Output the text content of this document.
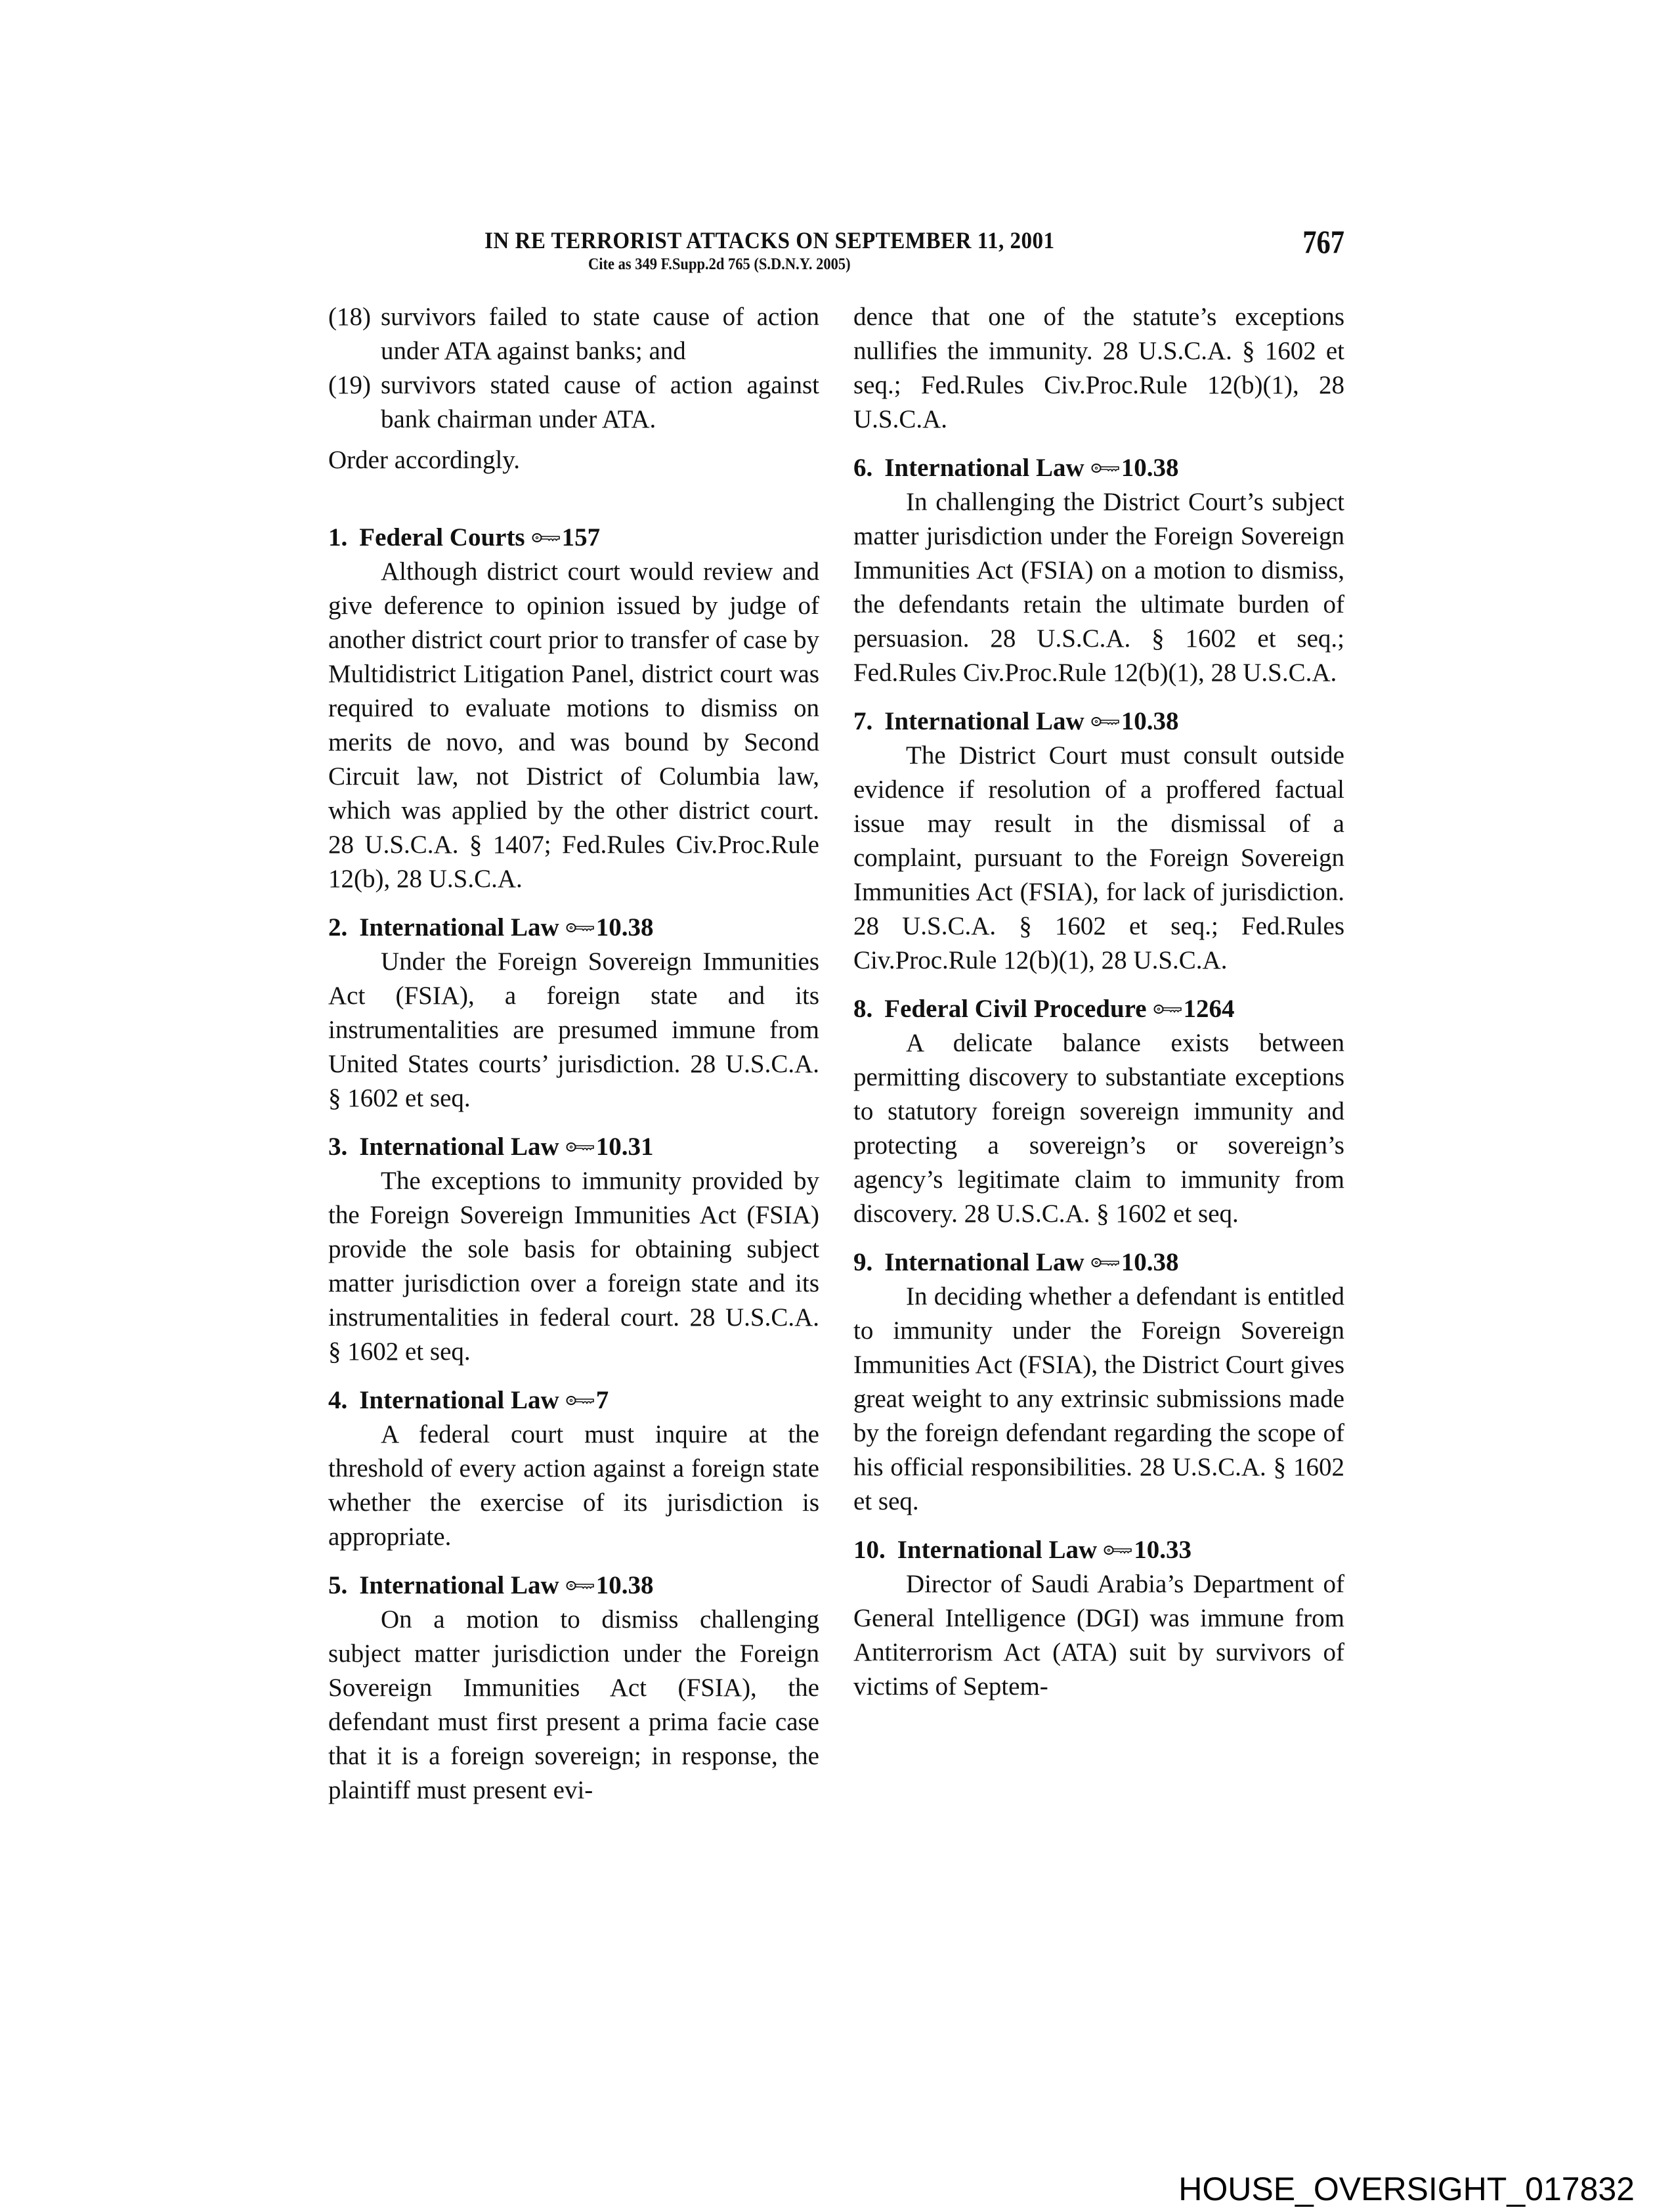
IN RE TERRORIST ATTACKS ON SEPTEMBER 11, 2001	767
Cite as 349 F.Supp.2d 765 (S.D.N.Y. 2005)
(18) survivors failed to state cause of action under ATA against banks; and
(19) survivors stated cause of action against bank chairman under ATA.
Order accordingly.
1. Federal Courts 157
Although district court would review and give deference to opinion issued by judge of another district court prior to transfer of case by Multidistrict Litigation Panel, district court was required to evaluate motions to dismiss on merits de novo, and was bound by Second Circuit law, not District of Columbia law, which was applied by the other district court. 28 U.S.C.A. § 1407; Fed.Rules Civ.Proc.Rule 12(b), 28 U.S.C.A.
2. International Law 10.38
Under the Foreign Sovereign Immunities Act (FSIA), a foreign state and its instrumentalities are presumed immune from United States courts’ jurisdiction. 28 U.S.C.A. § 1602 et seq.
3. International Law 10.31
The exceptions to immunity provided by the Foreign Sovereign Immunities Act (FSIA) provide the sole basis for obtaining subject matter jurisdiction over a foreign state and its instrumentalities in federal court. 28 U.S.C.A. § 1602 et seq.
4. International Law 7
A federal court must inquire at the threshold of every action against a foreign state whether the exercise of its jurisdiction is appropriate.
5. International Law 10.38
On a motion to dismiss challenging subject matter jurisdiction under the Foreign Sovereign Immunities Act (FSIA), the defendant must first present a prima facie case that it is a foreign sovereign; in response, the plaintiff must present evi-
dence that one of the statute’s exceptions nullifies the immunity. 28 U.S.C.A. § 1602 et seq.; Fed.Rules Civ.Proc.Rule 12(b)(1), 28 U.S.C.A.
6. International Law 10.38
In challenging the District Court’s subject matter jurisdiction under the Foreign Sovereign Immunities Act (FSIA) on a motion to dismiss, the defendants retain the ultimate burden of persuasion. 28 U.S.C.A. § 1602 et seq.; Fed.Rules Civ.Proc.Rule 12(b)(1), 28 U.S.C.A.
7. International Law 10.38
The District Court must consult outside evidence if resolution of a proffered factual issue may result in the dismissal of a complaint, pursuant to the Foreign Sovereign Immunities Act (FSIA), for lack of jurisdiction. 28 U.S.C.A. § 1602 et seq.; Fed.Rules Civ.Proc.Rule 12(b)(1), 28 U.S.C.A.
8. Federal Civil Procedure 1264
A delicate balance exists between permitting discovery to substantiate exceptions to statutory foreign sovereign immunity and protecting a sovereign’s or sovereign’s agency’s legitimate claim to immunity from discovery. 28 U.S.C.A. § 1602 et seq.
9. International Law 10.38
In deciding whether a defendant is entitled to immunity under the Foreign Sovereign Immunities Act (FSIA), the District Court gives great weight to any extrinsic submissions made by the foreign defendant regarding the scope of his official responsibilities. 28 U.S.C.A. § 1602 et seq.
10. International Law 10.33
Director of Saudi Arabia’s Department of General Intelligence (DGI) was immune from Antiterrorism Act (ATA) suit by survivors of victims of Septem-
HOUSE_OVERSIGHT_017832
